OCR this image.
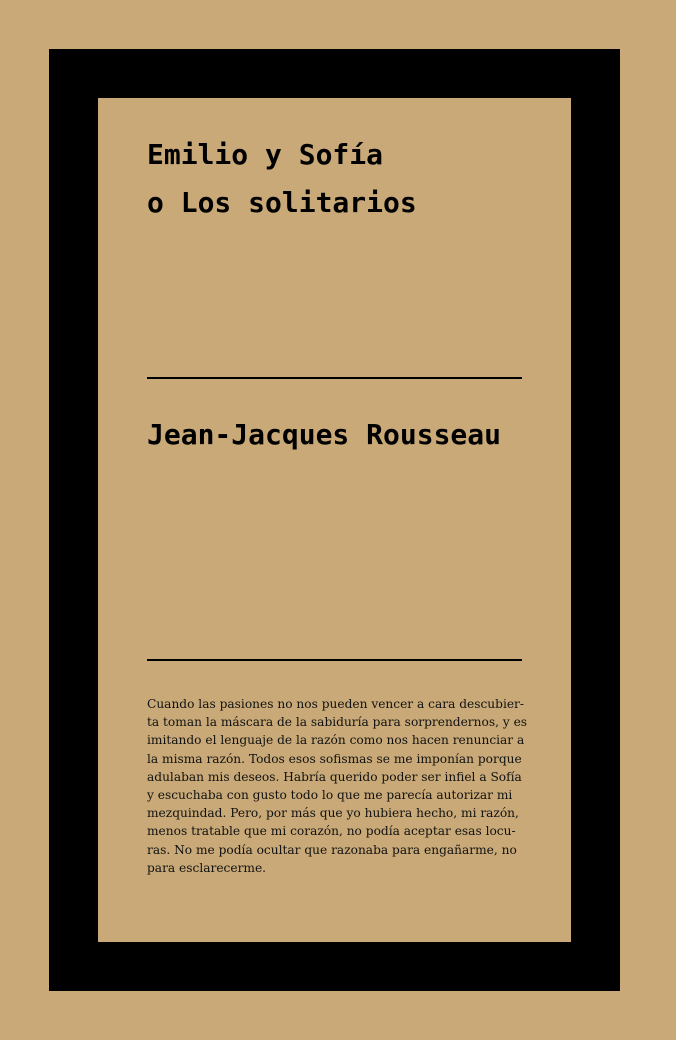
Emilio y Sofía
o Los solitarios
Jean-Jacques Rousseau

Cuando las pasiones no nos pueden vencer a cara descubier-
ta toman la máscara de la sabiduría para sorprendernos, y es
imitando el lenguaje de la razón como nos hacen renunciar a
la misma razón. Todos esos sofismas se me imponían porque
adulaban mis deseos. Habría querido poder ser infiel a Sofía
y escuchaba con gusto todo lo que me parecía autorizar mi
mezquindad. Pero, por más que yo hubiera hecho, mi razón,
menos tratable que mi corazón, no podía aceptar esas locu-
ras. No me podía ocultar que razonaba para engañarme, no
para esclarecerme.
